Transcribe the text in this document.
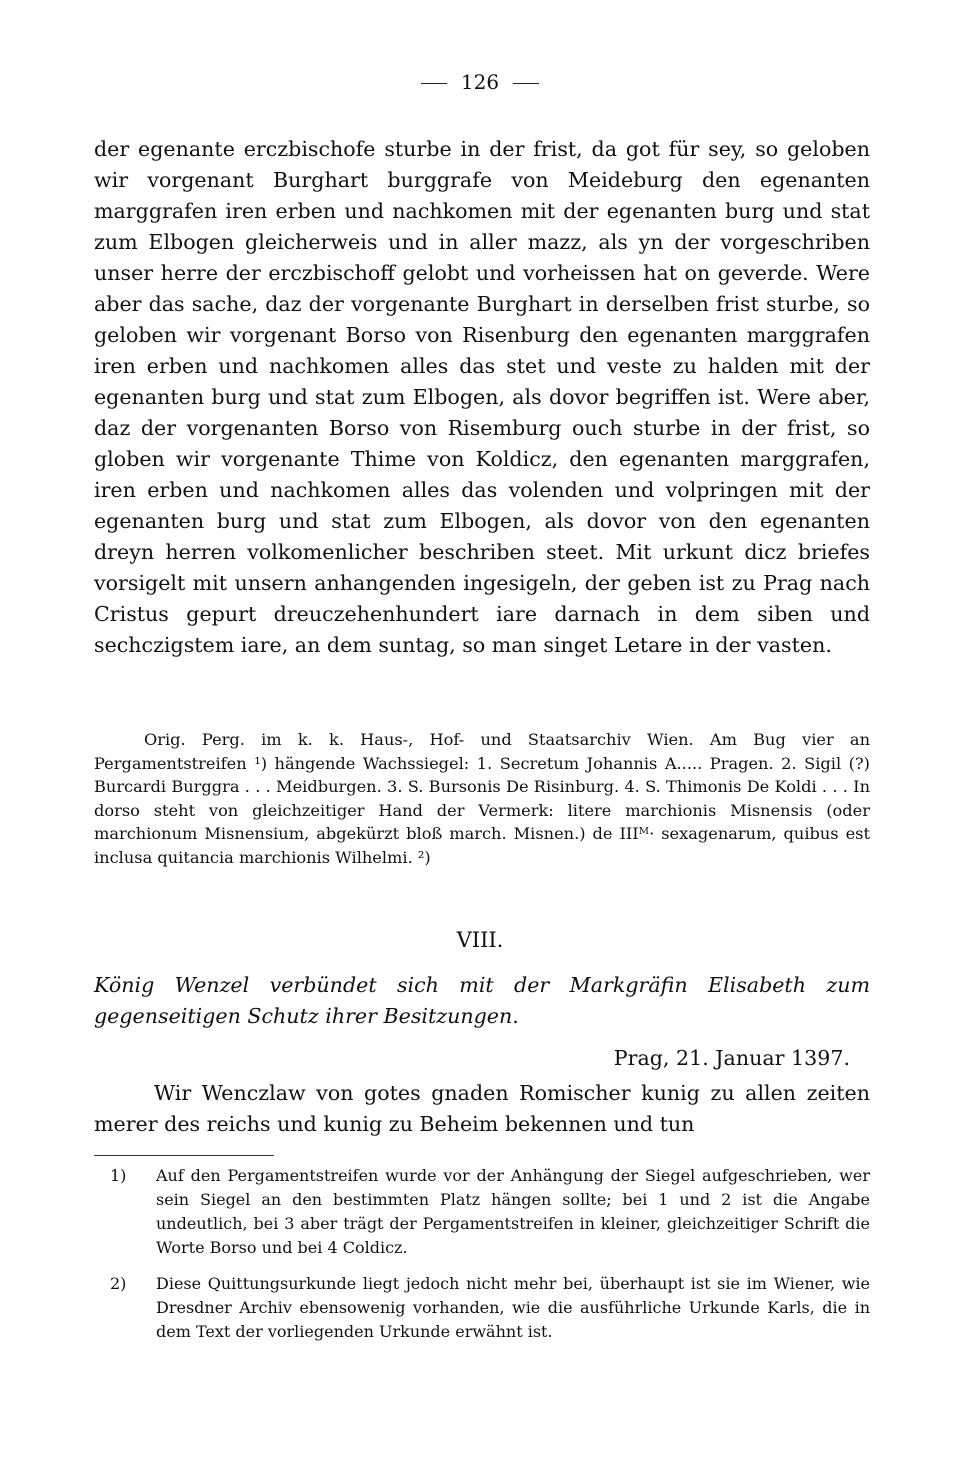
126

der egenante erczbischofe sturbe in der frist, da got für sey, so geloben wir vorgenant Burghart burggrafe von Meideburg den egenanten marggrafen iren erben und nachkomen mit der egenanten burg und stat zum Elbogen gleicherweis und in aller mazz, als yn der vorgeschriben unser herre der erczbischoff gelobt und vorheissen hat on geverde. Were aber das sache, daz der vorgenante Burghart in derselben frist sturbe, so geloben wir vorgenant Borso von Risenburg den egenanten marggrafen iren erben und nachkomen alles das stet und veste zu halden mit der egenanten burg und stat zum Elbogen, als dovor begriffen ist. Were aber, daz der vorgenanten Borso von Risemburg ouch sturbe in der frist, so globen wir vorgenante Thime von Koldicz, den egenanten marggrafen, iren erben und nachkomen alles das volenden und volpringen mit der egenanten burg und stat zum Elbogen, als dovor von den egenanten dreyn herren volkomenlicher beschriben steet. Mit urkunt dicz briefes vorsigelt mit unsern anhangenden ingesigeln, der geben ist zu Prag nach Cristus gepurt dreuczehenhundert iare darnach in dem siben und sechczigstem iare, an dem suntag, so man singet Letare in der vasten.

Orig. Perg. im k. k. Haus-, Hof- und Staatsarchiv Wien. Am Bug vier an Pergamentstreifen ¹) hängende Wachssiegel: 1. Secretum Johannis A..... Pragen. 2. Sigil (?) Burcardi Burggra . . . Meidburgen. 3. S. Bursonis De Risinburg. 4. S. Thimonis De Koldi . . . In dorso steht von gleichzeitiger Hand der Vermerk: litere marchionis Misnensis (oder marchionum Misnensium, abgekürzt bloß march. Misnen.) de IIIᴹ· sexagenarum, quibus est inclusa quitancia marchionis Wilhelmi. ²)

VIII.
König Wenzel verbündet sich mit der Markgräfin Elisabeth zum gegenseitigen Schutz ihrer Besitzungen.
Prag, 21. Januar 1397.

Wir Wenczlaw von gotes gnaden Romischer kunig zu allen zeiten merer des reichs und kunig zu Beheim bekennen und tun

1) Auf den Pergamentstreifen wurde vor der Anhängung der Siegel aufgeschrieben, wer sein Siegel an den bestimmten Platz hängen sollte; bei 1 und 2 ist die Angabe undeutlich, bei 3 aber trägt der Pergamentstreifen in kleiner, gleichzeitiger Schrift die Worte Borso und bei 4 Coldicz.
2) Diese Quittungsurkunde liegt jedoch nicht mehr bei, überhaupt ist sie im Wiener, wie Dresdner Archiv ebensowenig vorhanden, wie die ausführliche Urkunde Karls, die in dem Text der vorliegenden Urkunde erwähnt ist.
